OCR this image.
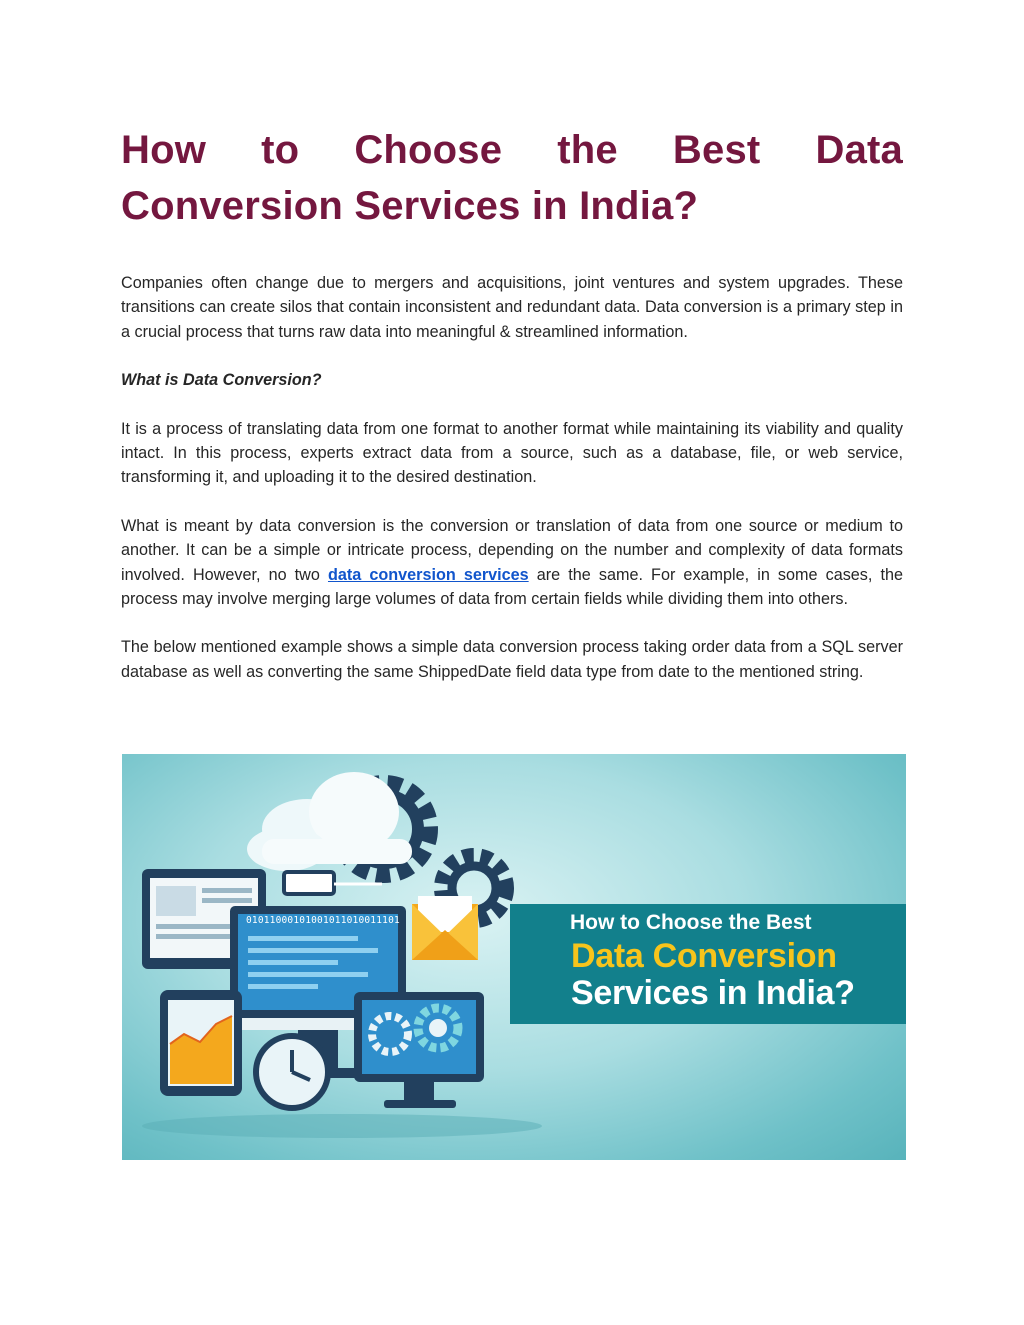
How to Choose the Best Data
Conversion Services in India?

Companies often change due to mergers and acquisitions, joint ventures and system upgrades. These transitions can create silos that contain inconsistent and redundant data. Data conversion is a primary step in a crucial process that turns raw data into meaningful & streamlined information.

What is Data Conversion?

It is a process of translating data from one format to another format while maintaining its viability and quality intact. In this process, experts extract data from a source, such as a database, file, or web service, transforming it, and uploading it to the desired destination.

What is meant by data conversion is the conversion or translation of data from one source or medium to another. It can be a simple or intricate process, depending on the number and complexity of data formats involved. However, no two data conversion services are the same. For example, in some cases, the process may involve merging large volumes of data from certain fields while dividing them into others.

The below mentioned example shows a simple data conversion process taking order data from a SQL server database as well as converting the same ShippedDate field data type from date to the mentioned string.

01011000101001011010011101	How to Choose the Best
Data Conversion
Services in India?
